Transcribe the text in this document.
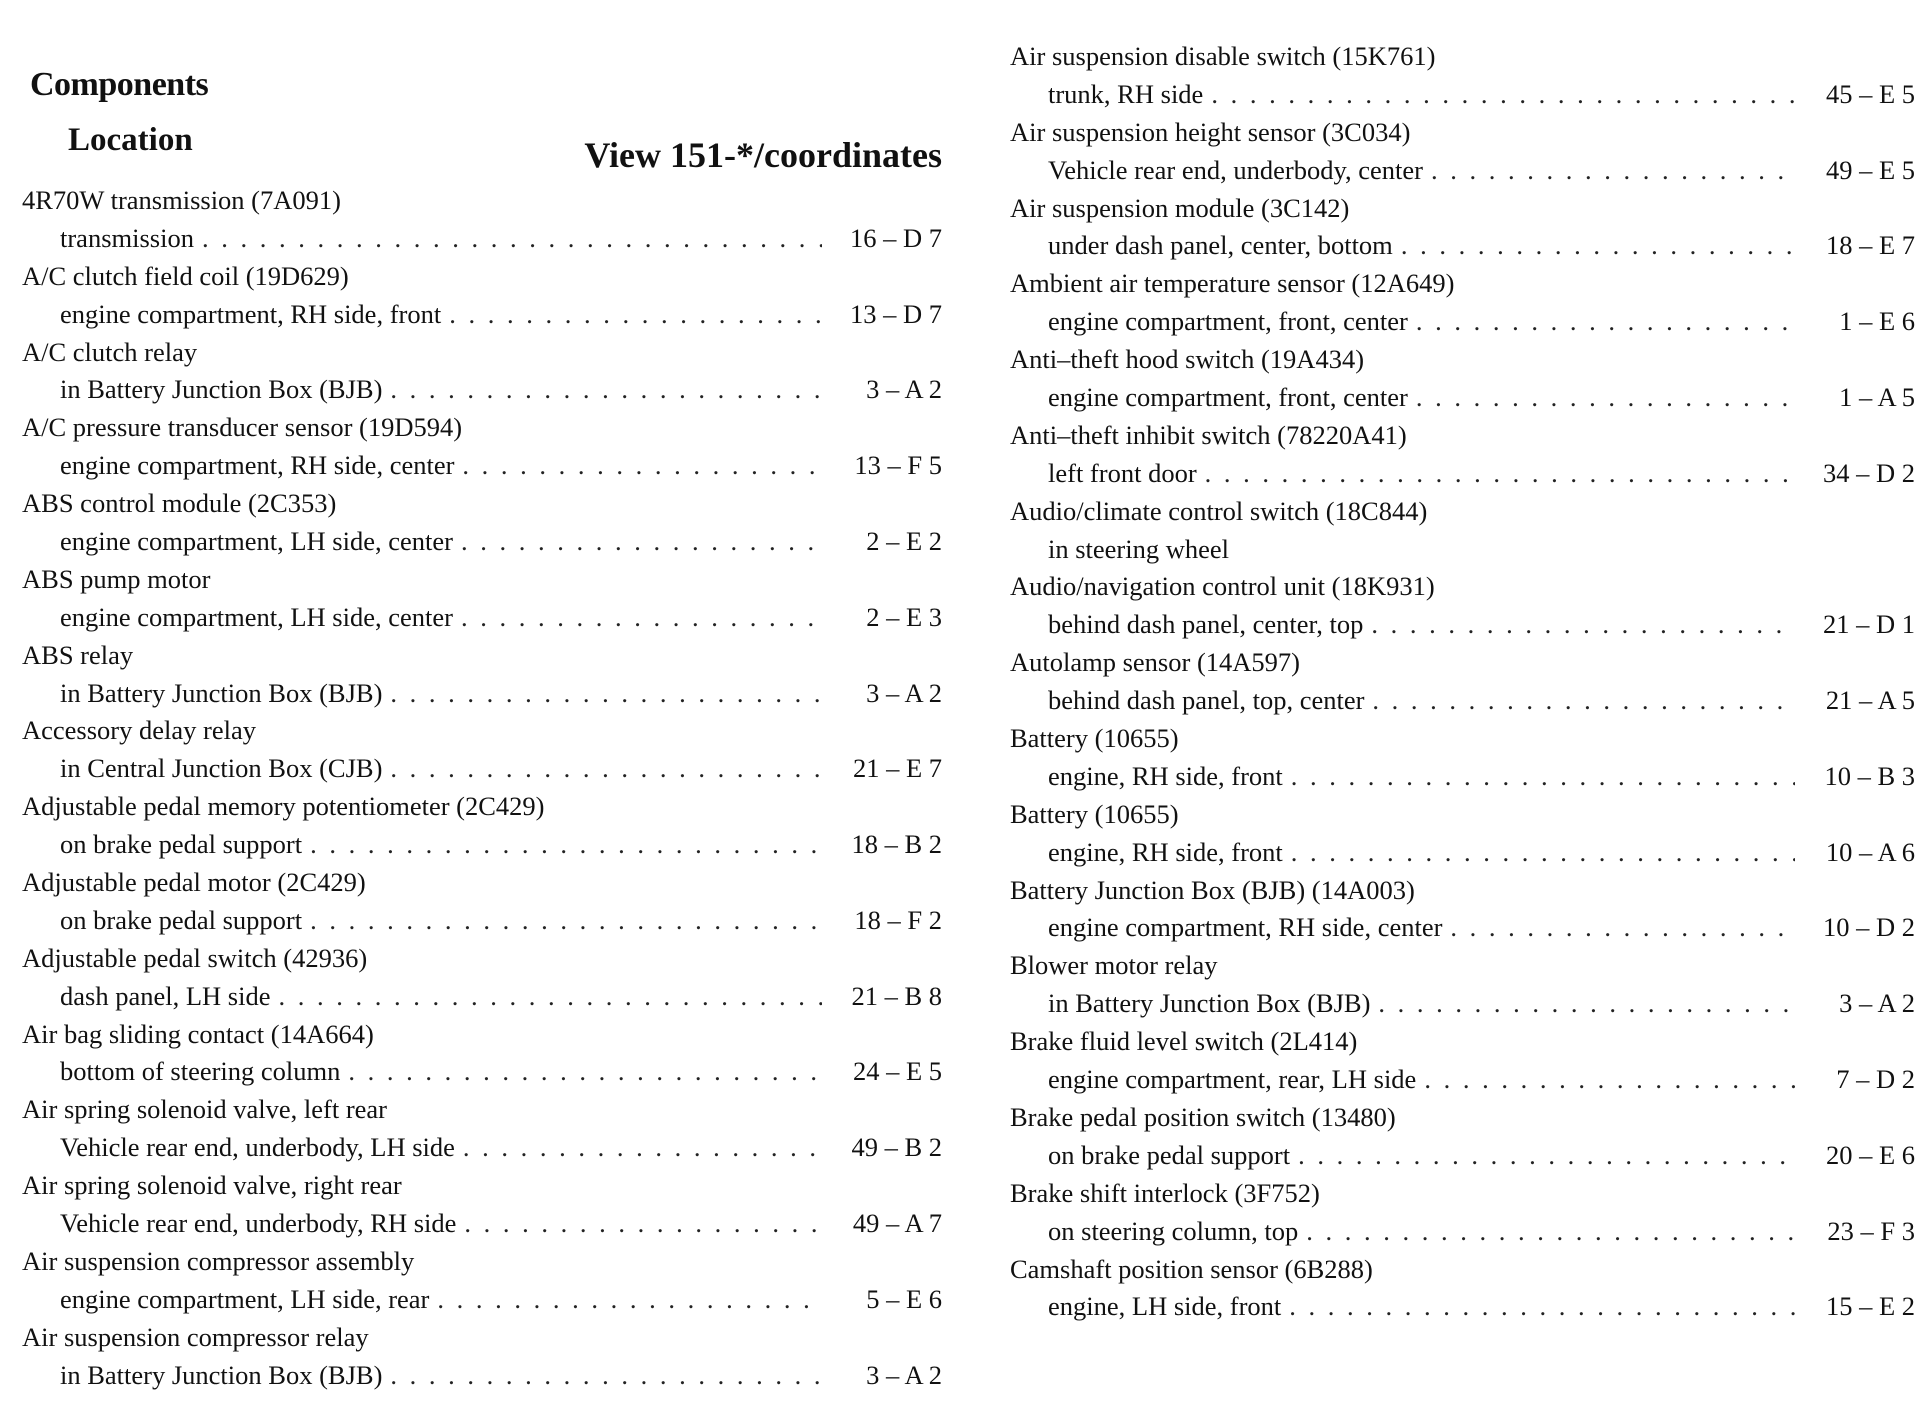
Components
Location	View 151-*/coordinates
4R70W transmission (7A091)
transmission . . .	16 – D 7
A/C clutch field coil (19D629)
engine compartment, RH side, front . . .	13 – D 7
A/C clutch relay
in Battery Junction Box (BJB) . . .	3 – A 2
A/C pressure transducer sensor (19D594)
engine compartment, RH side, center . . .	13 – F 5
ABS control module (2C353)
engine compartment, LH side, center . . .	2 – E 2
ABS pump motor
engine compartment, LH side, center . . .	2 – E 3
ABS relay
in Battery Junction Box (BJB) . . .	3 – A 2
Accessory delay relay
in Central Junction Box (CJB) . . .	21 – E 7
Adjustable pedal memory potentiometer (2C429)
on brake pedal support . . .	18 – B 2
Adjustable pedal motor (2C429)
on brake pedal support . . .	18 – F 2
Adjustable pedal switch (42936)
dash panel, LH side . . .	21 – B 8
Air bag sliding contact (14A664)
bottom of steering column . . .	24 – E 5
Air spring solenoid valve, left rear
Vehicle rear end, underbody, LH side . . .	49 – B 2
Air spring solenoid valve, right rear
Vehicle rear end, underbody, RH side . . .	49 – A 7
Air suspension compressor assembly
engine compartment, LH side, rear . . .	5 – E 6
Air suspension compressor relay
in Battery Junction Box (BJB) . . .	3 – A 2
Air suspension disable switch (15K761)
trunk, RH side . . .	45 – E 5
Air suspension height sensor (3C034)
Vehicle rear end, underbody, center . . .	49 – E 5
Air suspension module (3C142)
under dash panel, center, bottom . . .	18 – E 7
Ambient air temperature sensor (12A649)
engine compartment, front, center . . .	1 – E 6
Anti–theft hood switch (19A434)
engine compartment, front, center . . .	1 – A 5
Anti–theft inhibit switch (78220A41)
left front door . . .	34 – D 2
Audio/climate control switch (18C844)
in steering wheel
Audio/navigation control unit (18K931)
behind dash panel, center, top . . .	21 – D 1
Autolamp sensor (14A597)
behind dash panel, top, center . . .	21 – A 5
Battery (10655)
engine, RH side, front . . .	10 – B 3
Battery (10655)
engine, RH side, front . . .	10 – A 6
Battery Junction Box (BJB) (14A003)
engine compartment, RH side, center . . .	10 – D 2
Blower motor relay
in Battery Junction Box (BJB) . . .	3 – A 2
Brake fluid level switch (2L414)
engine compartment, rear, LH side . . .	7 – D 2
Brake pedal position switch (13480)
on brake pedal support . . .	20 – E 6
Brake shift interlock (3F752)
on steering column, top . . .	23 – F 3
Camshaft position sensor (6B288)
engine, LH side, front . . .	15 – E 2
